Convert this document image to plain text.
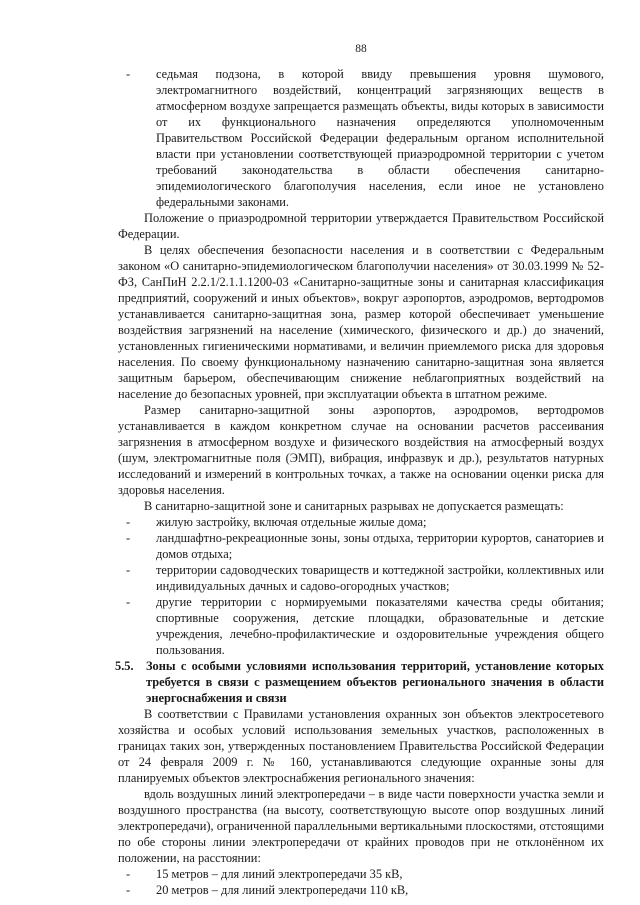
88
- седьмая подзона, в которой ввиду превышения уровня шумового, электромагнитного воздействий, концентраций загрязняющих веществ в атмосферном воздухе запрещается размещать объекты, виды которых в зависимости от их функционального назначения определяются уполномоченным Правительством Российской Федерации федеральным органом исполнительной власти при установлении соответствующей приаэродромной территории с учетом требований законодательства в области обеспечения санитарно-эпидемиологического благополучия населения, если иное не установлено федеральными законами.

Положение о приаэродромной территории утверждается Правительством Российской Федерации.

В целях обеспечения безопасности населения и в соответствии с Федеральным законом «О санитарно-эпидемиологическом благополучии населения» от 30.03.1999 № 52-ФЗ, СанПиН 2.2.1/2.1.1.1200-03 «Санитарно-защитные зоны и санитарная классификация предприятий, сооружений и иных объектов», вокруг аэропортов, аэродромов, вертодромов устанавливается санитарно-защитная зона, размер которой обеспечивает уменьшение воздействия загрязнений на население (химического, физического и др.) до значений, установленных гигиеническими нормативами, и величин приемлемого риска для здоровья населения. По своему функциональному назначению санитарно-защитная зона является защитным барьером, обеспечивающим снижение неблагоприятных воздействий на население до безопасных уровней, при эксплуатации объекта в штатном режиме.

Размер санитарно-защитной зоны аэропортов, аэродромов, вертодромов устанавливается в каждом конкретном случае на основании расчетов рассеивания загрязнения в атмосферном воздухе и физического воздействия на атмосферный воздух (шум, электромагнитные поля (ЭМП), вибрация, инфразвук и др.), результатов натурных исследований и измерений в контрольных точках, а также на основании оценки риска для здоровья населения.

В санитарно-защитной зоне и санитарных разрывах не допускается размещать:

- жилую застройку, включая отдельные жилые дома;
- ландшафтно-рекреационные зоны, зоны отдыха, территории курортов, санаториев и домов отдыха;
- территории садоводческих товариществ и коттеджной застройки, коллективных или индивидуальных дачных и садово-огородных участков;
- другие территории с нормируемыми показателями качества среды обитания; спортивные сооружения, детские площадки, образовательные и детские учреждения, лечебно-профилактические и оздоровительные учреждения общего пользования.
5.5. Зоны с особыми условиями использования территорий, установление которых требуется в связи с размещением объектов регионального значения в области энергоснабжения и связи

В соответствии с Правилами установления охранных зон объектов электросетевого хозяйства и особых условий использования земельных участков, расположенных в границах таких зон, утвержденных постановлением Правительства Российской Федерации от 24 февраля 2009 г. № 160, устанавливаются следующие охранные зоны для планируемых объектов электроснабжения регионального значения:

вдоль воздушных линий электропередачи – в виде части поверхности участка земли и воздушного пространства (на высоту, соответствующую высоте опор воздушных линий электропередачи), ограниченной параллельными вертикальными плоскостями, отстоящими по обе стороны линии электропередачи от крайних проводов при не отклонённом их положении, на расстоянии:

- 15 метров – для линий электропередачи 35 кВ,
- 20 метров – для линий электропередачи 110 кВ,
